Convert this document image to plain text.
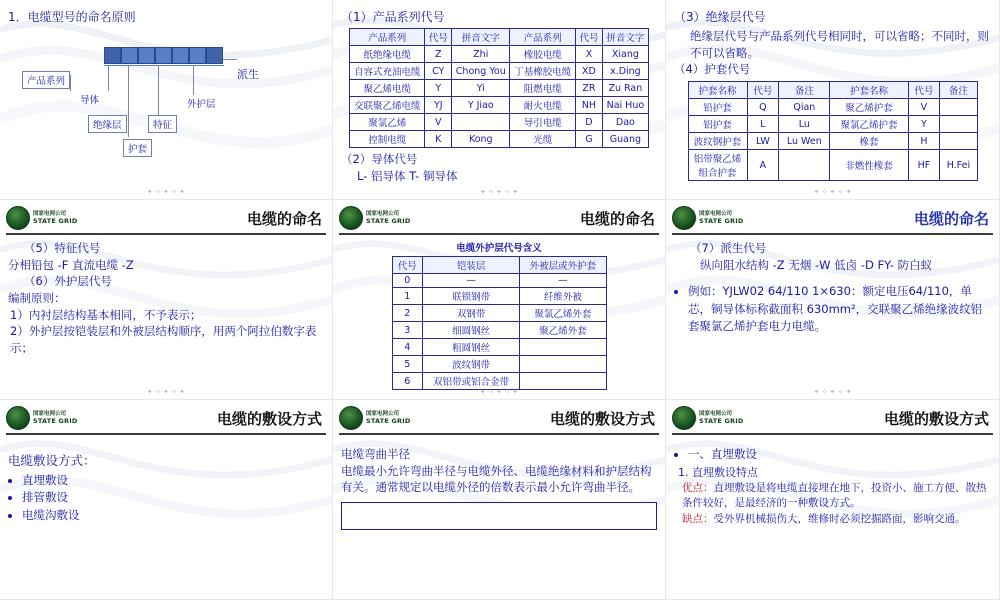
1．电缆型号的命名原则
产品系列
派生
导体	外护层
绝缘层	特征
护套
✦ ✧ ✦ ✧ ✦
（1）产品系列代号
产品系列	代号	拼音文字	产品系列	代号	拼音文字
纸绝缘电缆	Z	Zhi	橡胶电缆	X	Xiang
自容式充油电缆	CY	Chong You	丁基橡胶电缆	XD	x.Ding
聚乙烯电缆	Y	Yi	阻燃电缆	ZR	Zu Ran
交联聚乙烯电缆	YJ	Y Jiao	耐火电缆	NH	Nai Huo
聚氯乙烯	V		导引电缆	D	Dao
控制电缆	K	Kong	光缆	G	Guang
（2）导体代号
L- 铝导体 T- 铜导体
✦ ✧ ✦ ✧ ✦
（3）绝缘层代号
绝缘层代号与产品系列代号相同时，可以省略；不同时，则不可以省略。
（4）护套代号
护套名称	代号	备注	护套名称	代号	备注
铅护套	Q	Qian	聚乙烯护套	V	
铝护套	L	Lu	聚氯乙烯护套	Y	
波纹钢护套	LW	Lu Wen	橡套	H	
铝带聚乙烯组合护套	A		非燃性橡套	HF	H.Fei
✦ ✧ ✦ ✧ ✦
国家电网公司
STATE GRID	电缆的命名
（5）特征代号
分相铅包 -F 直流电缆 -Z
（6）外护层代号
编制原则：
1）内衬层结构基本相同，不予表示；
2）外护层按铠装层和外被层结构顺序，用两个阿拉伯数字表示；
✦ ✧ ✦ ✧ ✦
国家电网公司
STATE GRID	电缆的命名
电缆外护层代号含义
代号	铠装层	外被层或外护套
0	—	—
1	联锁钢带	纤维外被
2	双钢带	聚氯乙烯外套
3	细圆钢丝	聚乙烯外套
4	粗圆钢丝	
5	波纹钢带	
6	双铝带或铝合金带	
✦ ✧ ✦ ✧ ✦
国家电网公司
STATE GRID	电缆的命名
（7）派生代号
纵向阻水结构 -Z 无烟 -W 低卤 -D FY- 防白蚁
• 例如：YJLW02 64/110 1×630：额定电压64/110，单芯，铜导体标称截面积 630mm²，交联聚乙烯绝缘波纹铝套聚氯乙烯护套电力电缆。
✦ ✧ ✦ ✧ ✦
国家电网公司
STATE GRID	电缆的敷设方式
电缆敷设方式：
• 直埋敷设
• 排管敷设
• 电缆沟敷设
国家电网公司
STATE GRID	电缆的敷设方式
电缆弯曲半径
电缆最小允许弯曲半径与电缆外径、电缆绝缘材料和护层结构有关。通常规定以电缆外径的倍数表示最小允许弯曲半径。
国家电网公司
STATE GRID	电缆的敷设方式
• 一、直埋敷设
1. 直埋敷设特点
优点：直埋敷设是将电缆直接埋在地下，投资小、施工方便、散热条件较好，是最经济的一种敷设方式。
缺点：受外界机械损伤大，维修时必须挖掘路面，影响交通。
